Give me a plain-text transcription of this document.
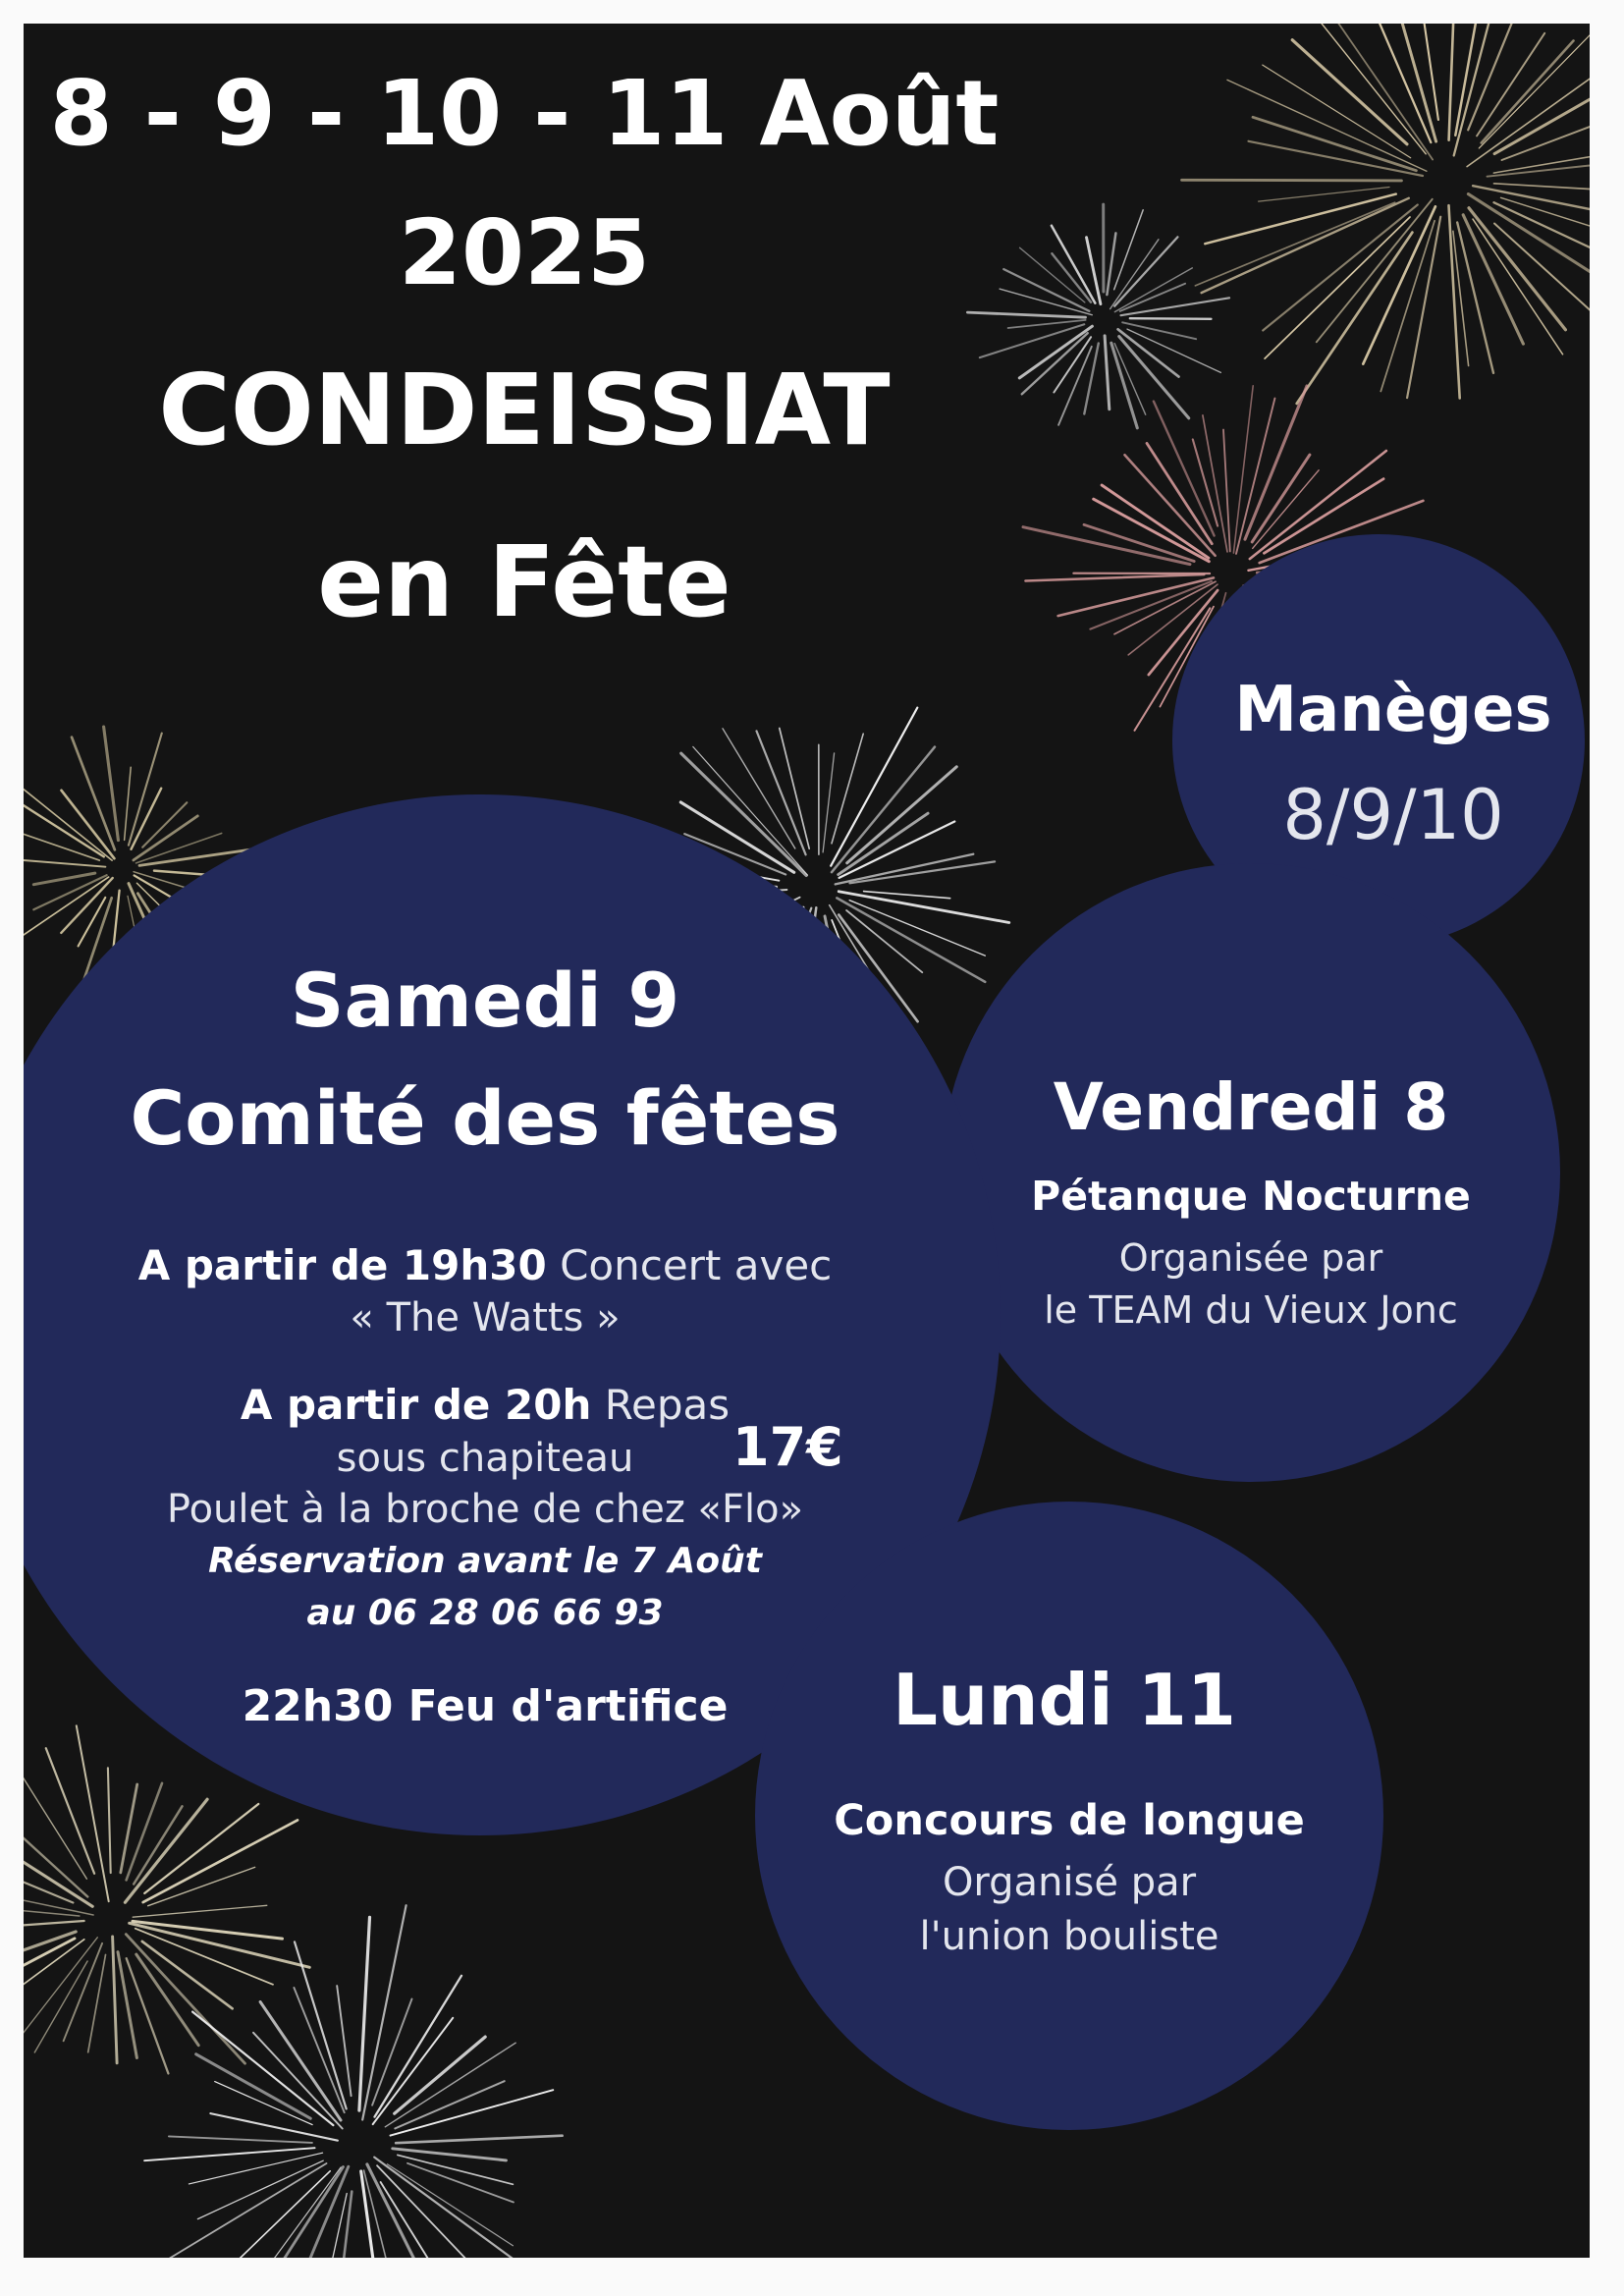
8 - 9 - 10 - 11 Août

2025

CONDEISSIAT

en Fête

Manèges

8/9/10

Vendredi 8

Pétanque Nocturne

Organisée par

le TEAM du Vieux Jonc

Samedi 9

Comité des fêtes

A partir de 19h30 Concert avec

« The Watts »

A partir de 20h Repas

sous chapiteau	17€

Poulet à la broche de chez «Flo»

Réservation avant le 7 Août

au 06 28 06 66 93

22h30 Feu d'artifice	Lundi 11

Concours de longue

Organisé par

l'union bouliste
